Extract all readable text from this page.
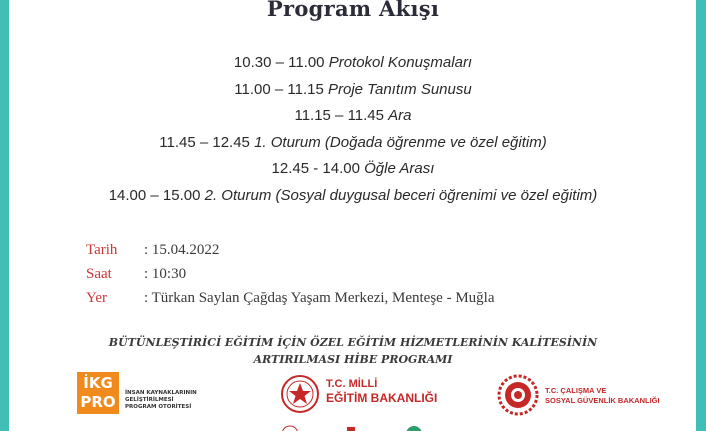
Program Akışı
10.30 – 11.00 Protokol Konuşmaları
11.00 – 11.15 Proje Tanıtım Sunusu
11.15 – 11.45 Ara
11.45 – 12.45 1. Oturum (Doğada öğrenme ve özel eğitim)
12.45 - 14.00 Öğle Arası
14.00 – 15.00 2. Oturum (Sosyal duygusal beceri öğrenimi ve özel eğitim)
Tarih : 15.04.2022
Saat : 10:30
Yer : Türkan Saylan Çağdaş Yaşam Merkezi, Menteşe - Muğla
BÜTÜNLEŞTİRİCİ EĞİTİM İÇİN ÖZEL EĞİTİM HİZMETLERİNİN KALİTESİNİN
ARTIRILMASI HİBE PROGRAMI
İKG
PRO	İNSAN KAYNAKLARININ
GELİŞTİRİLMESİ
PROGRAM OTORİTESİ
T.C. MİLLİ
EĞİTİM BAKANLIĞI
T.C. ÇALIŞMA VE
SOSYAL GÜVENLİK BAKANLIĞI
